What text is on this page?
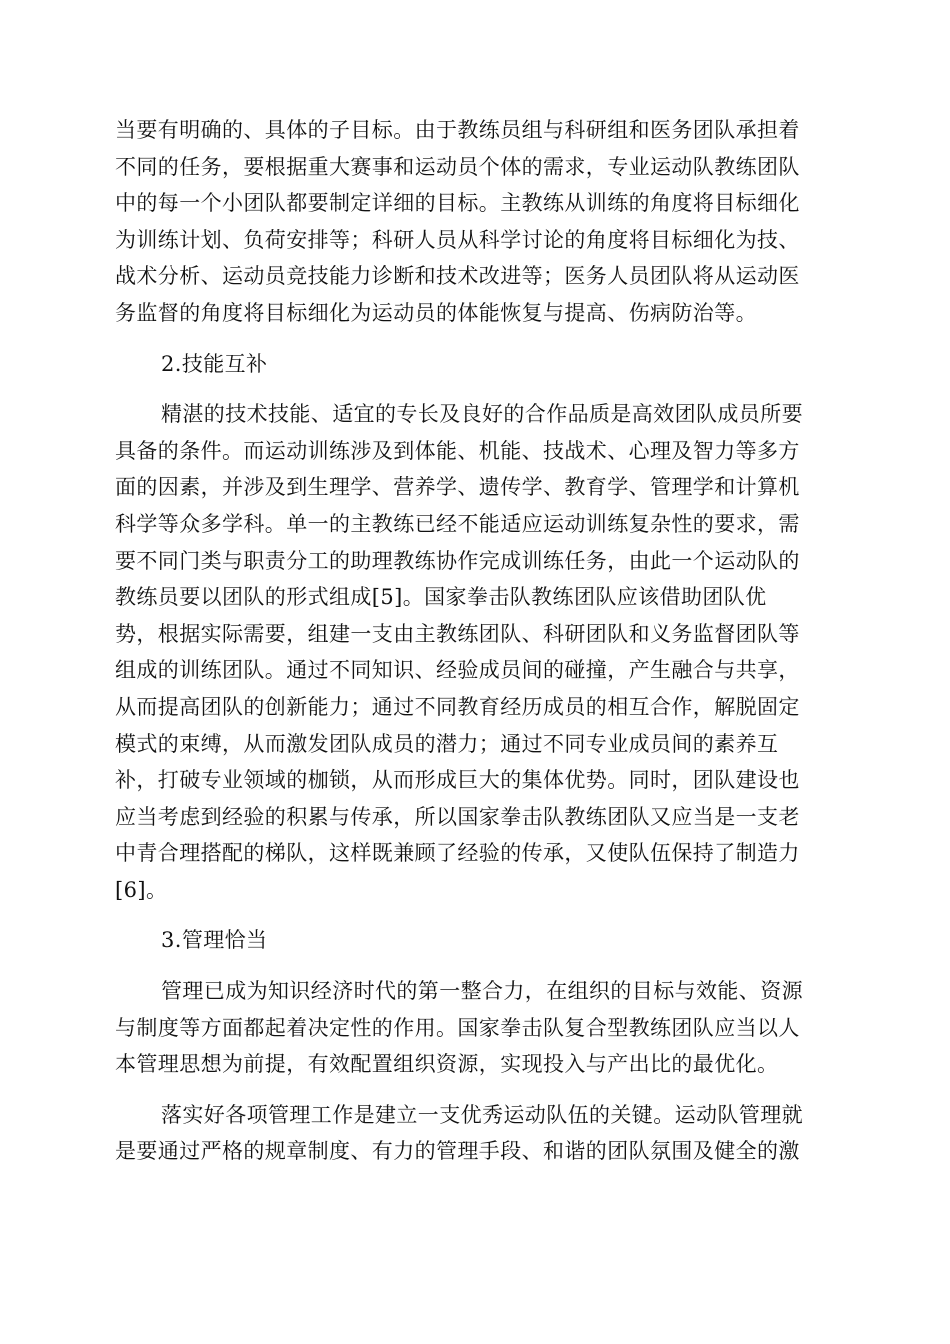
当要有明确的、具体的子目标。由于教练员组与科研组和医务团队承担着
不同的任务，要根据重大赛事和运动员个体的需求，专业运动队教练团队
中的每一个小团队都要制定详细的目标。主教练从训练的角度将目标细化
为训练计划、负荷安排等；科研人员从科学讨论的角度将目标细化为技、
战术分析、运动员竞技能力诊断和技术改进等；医务人员团队将从运动医
务监督的角度将目标细化为运动员的体能恢复与提高、伤病防治等。

2.技能互补

精湛的技术技能、适宜的专长及良好的合作品质是高效团队成员所要
具备的条件。而运动训练涉及到体能、机能、技战术、心理及智力等多方
面的因素，并涉及到生理学、营养学、遗传学、教育学、管理学和计算机
科学等众多学科。单一的主教练已经不能适应运动训练复杂性的要求，需
要不同门类与职责分工的助理教练协作完成训练任务，由此一个运动队的
教练员要以团队的形式组成[5]。国家拳击队教练团队应该借助团队优
势，根据实际需要，组建一支由主教练团队、科研团队和义务监督团队等
组成的训练团队。通过不同知识、经验成员间的碰撞，产生融合与共享，
从而提高团队的创新能力；通过不同教育经历成员的相互合作，解脱固定
模式的束缚，从而激发团队成员的潜力；通过不同专业成员间的素养互
补，打破专业领域的枷锁，从而形成巨大的集体优势。同时，团队建设也
应当考虑到经验的积累与传承，所以国家拳击队教练团队又应当是一支老
中青合理搭配的梯队，这样既兼顾了经验的传承，又使队伍保持了制造力
[6]。

3.管理恰当

管理已成为知识经济时代的第一整合力，在组织的目标与效能、资源
与制度等方面都起着决定性的作用。国家拳击队复合型教练团队应当以人
本管理思想为前提，有效配置组织资源，实现投入与产出比的最优化。

落实好各项管理工作是建立一支优秀运动队伍的关键。运动队管理就
是要通过严格的规章制度、有力的管理手段、和谐的团队氛围及健全的激
